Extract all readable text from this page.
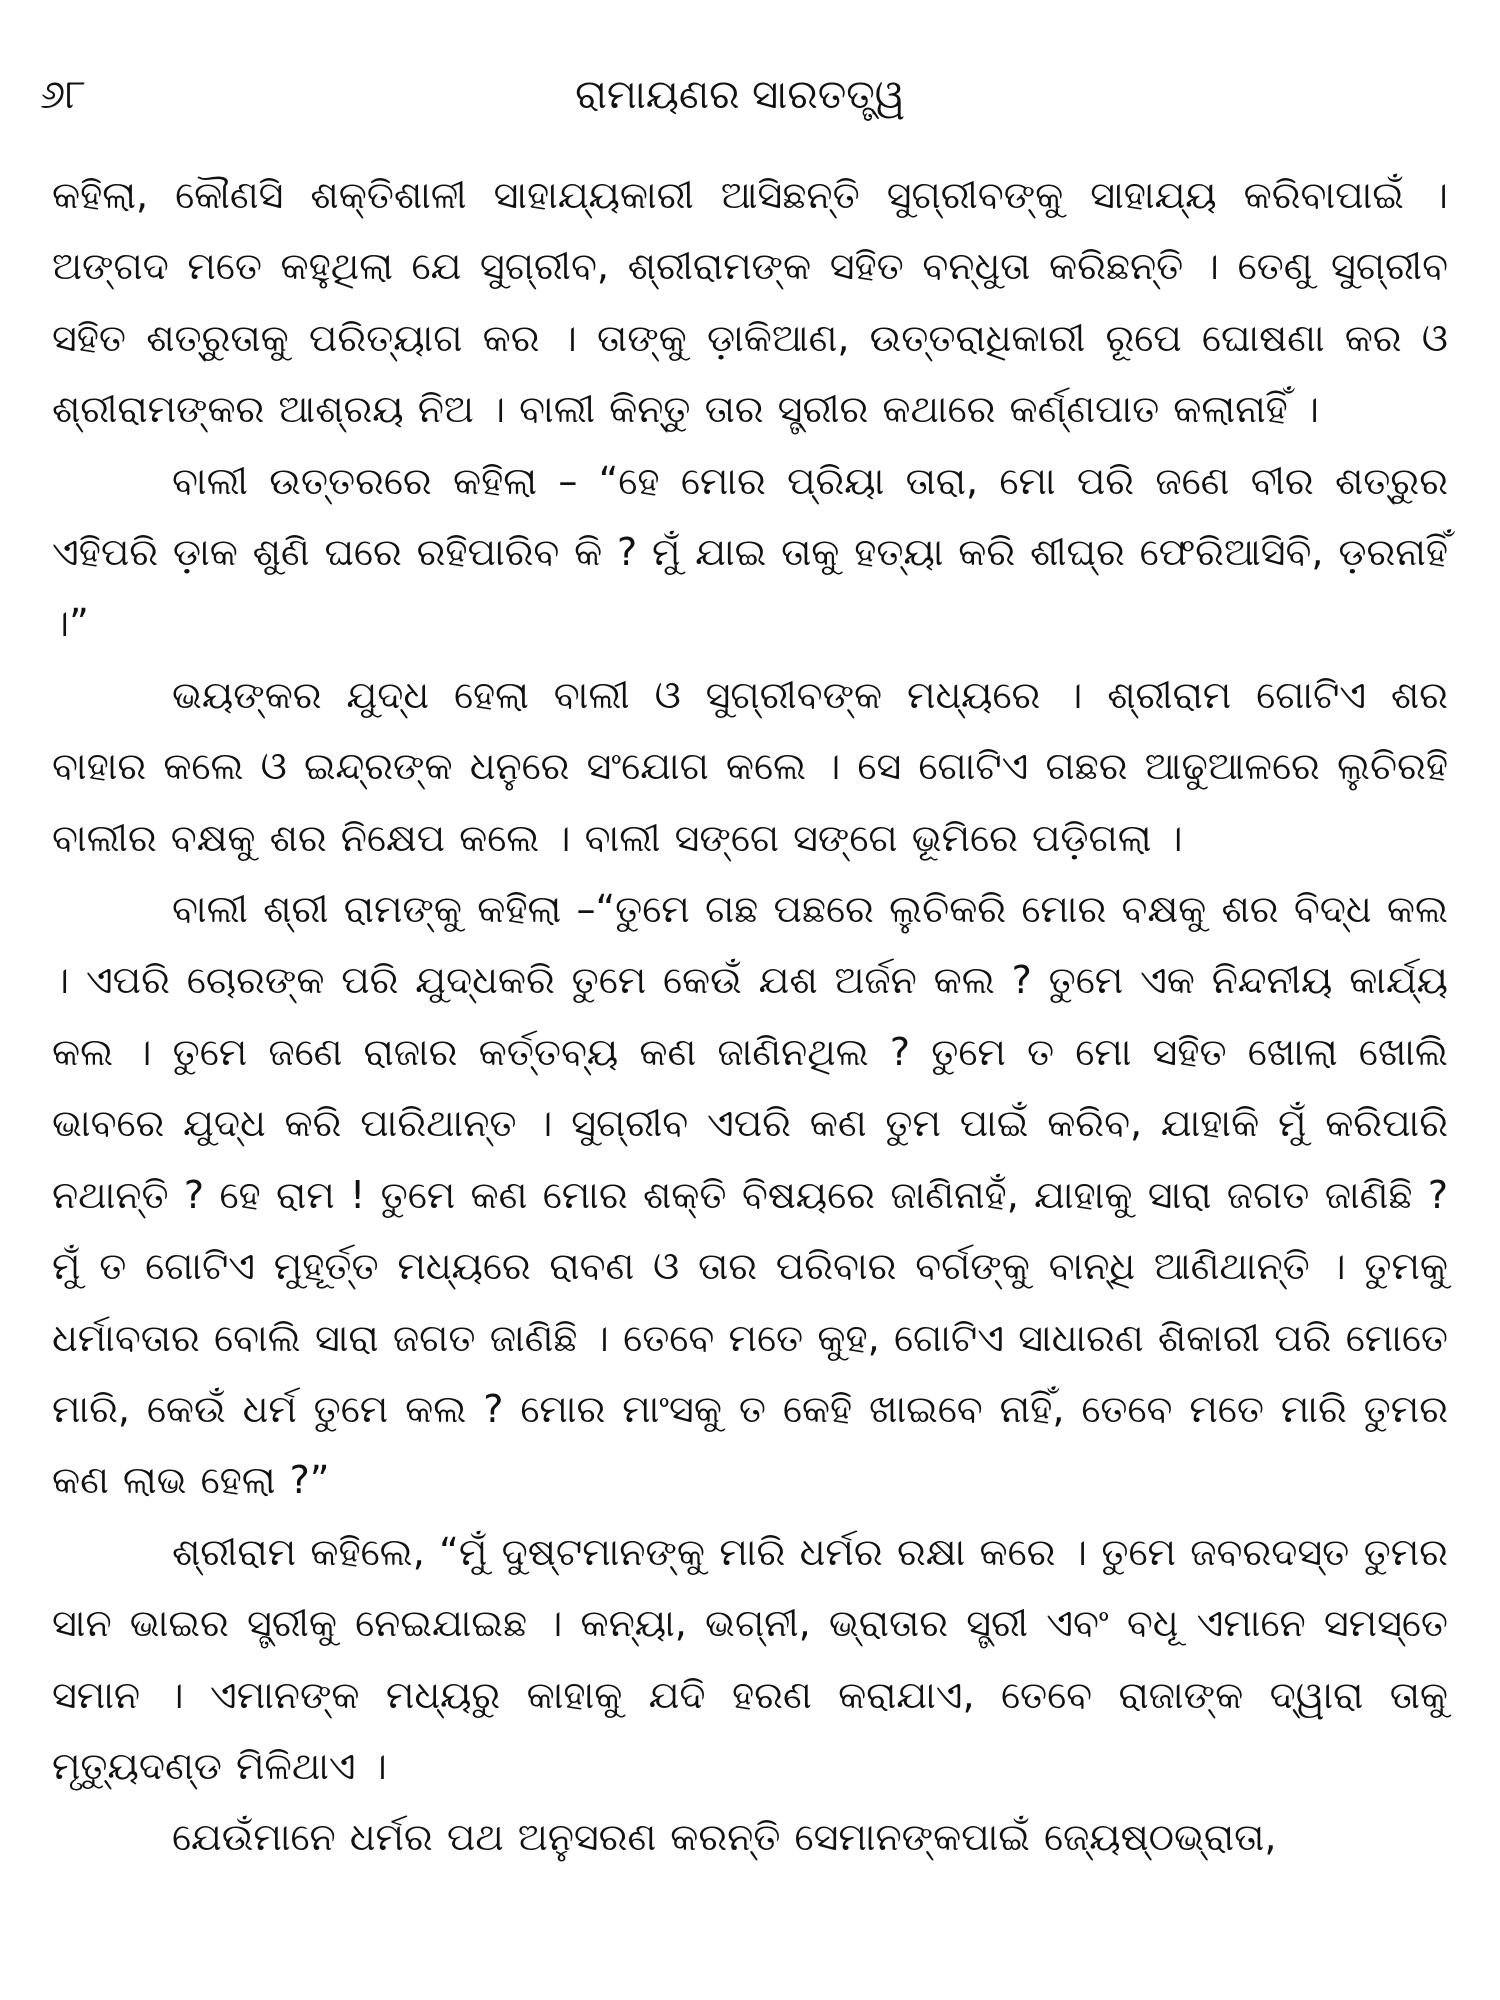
୬୮	ରାମାୟଣର ସାରତତ୍ତ୍ୱ

କହିଲା, କୌଣସି ଶକ୍ତିଶାଳୀ ସାହାଯ୍ୟକାରୀ ଆସିଛନ୍ତି ସୁଗ୍ରୀବଙ୍କୁ ସାହାଯ୍ୟ କରିବାପାଇଁ । ଅଙ୍ଗଦ ମତେ କହୁଥିଲା ଯେ ସୁଗ୍ରୀବ, ଶ୍ରୀରାମଙ୍କ ସହିତ ବନ୍ଧୁତା କରିଛନ୍ତି । ତେଣୁ ସୁଗ୍ରୀବ ସହିତ ଶତ୍ରୁତାକୁ ପରିତ୍ୟାଗ କର । ତାଙ୍କୁ ଡ଼ାକିଆଣ, ଉତ୍ତରାଧିକାରୀ ରୂପେ ଘୋଷଣା କର ଓ ଶ୍ରୀରାମଙ୍କର ଆଶ୍ରୟ ନିଅ । ବାଲୀ କିନ୍ତୁ ତାର ସ୍ତ୍ରୀର କଥାରେ କର୍ଣ୍ଣପାତ କଲାନାହିଁ ।

ବାଲୀ ଉତ୍ତରରେ କହିଲା – “ହେ ମୋର ପ୍ରିୟା ତାରା, ମୋ ପରି ଜଣେ ବୀର ଶତ୍ରୁର ଏହିପରି ଡ଼ାକ ଶୁଣି ଘରେ ରହିପାରିବ କି ? ମୁଁ ଯାଇ ତାକୁ ହତ୍ୟା କରି ଶୀଘ୍ର ଫେରିଆସିବି, ଡ଼ରନାହିଁ ।”

ଭୟଙ୍କର ଯୁଦ୍ଧ ହେଲା ବାଲୀ ଓ ସୁଗ୍ରୀବଙ୍କ ମଧ୍ୟରେ । ଶ୍ରୀରାମ ଗୋଟିଏ ଶର ବାହାର କଲେ ଓ ଇନ୍ଦ୍ରଙ୍କ ଧନୁରେ ସଂଯୋଗ କଲେ । ସେ ଗୋଟିଏ ଗଛର ଆଢୁଆଳରେ ଲୁଚିରହି ବାଲୀର ବକ୍ଷକୁ ଶର ନିକ୍ଷେପ କଲେ । ବାଲୀ ସଙ୍ଗେ ସଙ୍ଗେ ଭୂମିରେ ପଡ଼ିଗଲା ।

ବାଲୀ ଶ୍ରୀ ରାମଙ୍କୁ କହିଲା –“ତୁମେ ଗଛ ପଛରେ ଲୁଚିକରି ମୋର ବକ୍ଷକୁ ଶର ବିଦ୍ଧ କଲ । ଏପରି ଚୋରଙ୍କ ପରି ଯୁଦ୍ଧକରି ତୁମେ କେଉଁ ଯଶ ଅର୍ଜନ କଲ ? ତୁମେ ଏକ ନିନ୍ଦନୀୟ କାର୍ଯ୍ୟ କଲ । ତୁମେ ଜଣେ ରାଜାର କର୍ତ୍ତବ୍ୟ କଣ ଜାଣିନଥିଲ ? ତୁମେ ତ ମୋ ସହିତ ଖୋଲା ଖୋଲି ଭାବରେ ଯୁଦ୍ଧ କରି ପାରିଥାନ୍ତ । ସୁଗ୍ରୀବ ଏପରି କଣ ତୁମ ପାଇଁ କରିବ, ଯାହାକି ମୁଁ କରିପାରି ନଥାନ୍ତି ? ହେ ରାମ ! ତୁମେ କଣ ମୋର ଶକ୍ତି ବିଷୟରେ ଜାଣିନାହଁ, ଯାହାକୁ ସାରା ଜଗତ ଜାଣିଛି ? ମୁଁ ତ ଗୋଟିଏ ମୁହୂର୍ତ୍ତ ମଧ୍ୟରେ ରାବଣ ଓ ତାର ପରିବାର ବର୍ଗଙ୍କୁ ବାନ୍ଧି ଆଣିଥାନ୍ତି । ତୁମକୁ ଧର୍ମାବତାର ବୋଲି ସାରା ଜଗତ ଜାଣିଛି । ତେବେ ମତେ କୁହ, ଗୋଟିଏ ସାଧାରଣ ଶିକାରୀ ପରି ମୋତେ ମାରି, କେଉଁ ଧର୍ମ ତୁମେ କଲ ? ମୋର ମାଂସକୁ ତ କେହି ଖାଇବେ ନାହିଁ, ତେବେ ମତେ ମାରି ତୁମର କଣ ଲାଭ ହେଲା ?”

ଶ୍ରୀରାମ କହିଲେ, “ମୁଁ ଦୁଷ୍ଟମାନଙ୍କୁ ମାରି ଧର୍ମର ରକ୍ଷା କରେ । ତୁମେ ଜବରଦସ୍ତ ତୁମର ସାନ ଭାଇର ସ୍ତ୍ରୀକୁ ନେଇଯାଇଛ । କନ୍ୟା, ଭଗ୍ନୀ, ଭ୍ରାତାର ସ୍ତ୍ରୀ ଏବଂ ବଧୂ ଏମାନେ ସମସ୍ତେ ସମାନ । ଏମାନଙ୍କ ମଧ୍ୟରୁ କାହାକୁ ଯଦି ହରଣ କରାଯାଏ, ତେବେ ରାଜାଙ୍କ ଦ୍ୱାରା ତାକୁ ମୃତ୍ୟୁଦଣ୍ଡ ମିଳିଥାଏ ।

ଯେଉଁମାନେ ଧର୍ମର ପଥ ଅନୁସରଣ କରନ୍ତି ସେମାନଙ୍କପାଇଁ ଜ୍ୟେଷ୍ଠଭ୍ରାତା,
